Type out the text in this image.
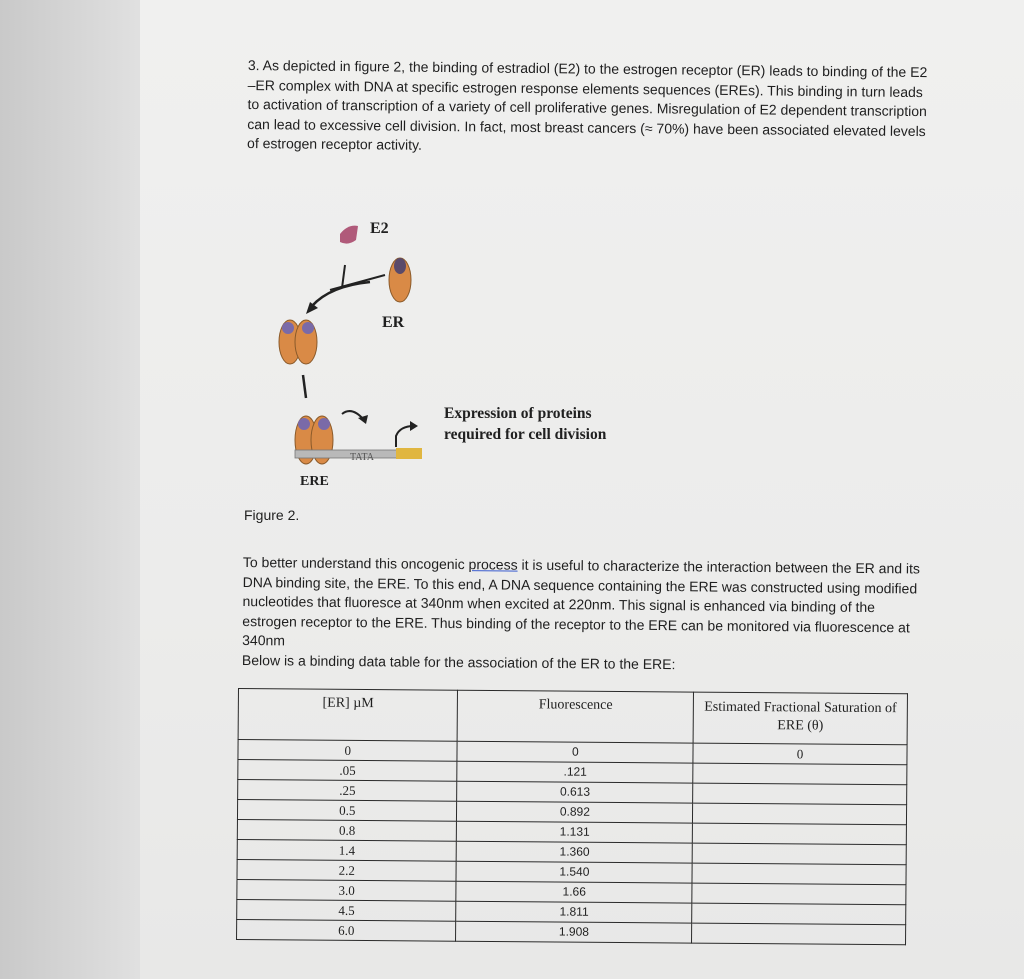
3. As depicted in figure 2, the binding of estradiol (E2) to the estrogen receptor (ER) leads to binding of the E2 –ER complex with DNA at specific estrogen response elements sequences (EREs). This binding in turn leads to activation of transcription of a variety of cell proliferative genes. Misregulation of E2 dependent transcription can lead to excessive cell division. In fact, most breast cancers (≈ 70%) have been associated elevated levels of estrogen receptor activity.
E2
ER
Expression of proteins
required for cell division
TATA
ERE
Figure 2.
To better understand this oncogenic process it is useful to characterize the interaction between the ER and its DNA binding site, the ERE. To this end, A DNA sequence containing the ERE was constructed using modified nucleotides that fluoresce at 340nm when excited at 220nm. This signal is enhanced via binding of the estrogen receptor to the ERE. Thus binding of the receptor to the ERE can be monitored via fluorescence at 340nm
Below is a binding data table for the association of the ER to the ERE:
[ER] µM	Fluorescence	Estimated Fractional Saturation of ERE (θ)
0	0	0
.05	.121	
.25	0.613	
0.5	0.892	
0.8	1.131	
1.4	1.360	
2.2	1.540	
3.0	1.66	
4.5	1.811	
6.0	1.908	
